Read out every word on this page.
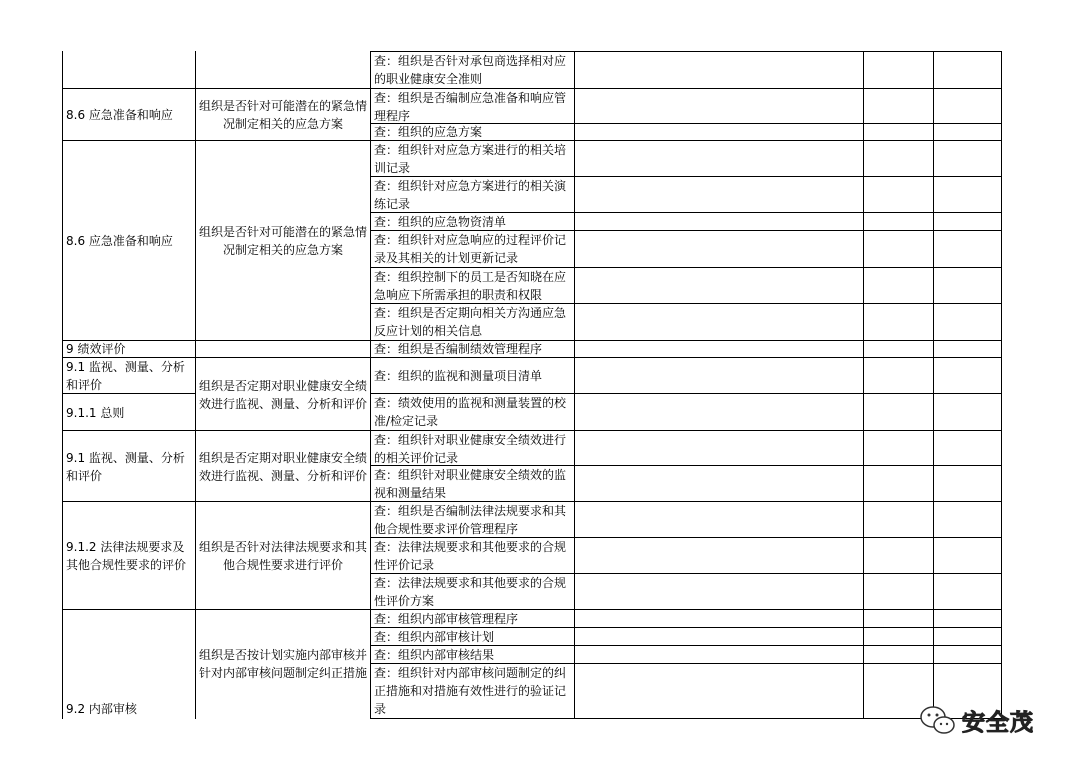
查：组织是否针对承包商选择相对应的职业健康安全准则
8.6 应急准备和响应
组织是否针对可能潜在的紧急情况制定相关的应急方案
查：组织是否编制应急准备和响应管理程序
查：组织的应急方案
8.6 应急准备和响应
组织是否针对可能潜在的紧急情况制定相关的应急方案
查：组织针对应急方案进行的相关培训记录
查：组织针对应急方案进行的相关演练记录
查：组织的应急物资清单
查：组织针对应急响应的过程评价记录及其相关的计划更新记录
查：组织控制下的员工是否知晓在应急响应下所需承担的职责和权限
查：组织是否定期向相关方沟通应急反应计划的相关信息
9 绩效评价	查：组织是否编制绩效管理程序
9.1 监视、测量、分析和评价	组织是否定期对职业健康安全绩效进行监视、测量、分析和评价
查：组织的监视和测量项目清单
9.1.1 总则
查：绩效使用的监视和测量装置的校准/检定记录
9.1 监视、测量、分析和评价
组织是否定期对职业健康安全绩效进行监视、测量、分析和评价
查：组织针对职业健康安全绩效进行的相关评价记录
查：组织针对职业健康安全绩效的监视和测量结果
9.1.2 法律法规要求及其他合规性要求的评价
组织是否针对法律法规要求和其他合规性要求进行评价
查：组织是否编制法律法规要求和其他合规性要求评价管理程序
查：法律法规要求和其他要求的合规性评价记录
查：法律法规要求和其他要求的合规性评价方案
9.2 内部审核
组织是否按计划实施内部审核并针对内部审核问题制定纠正措施
查：组织内部审核管理程序
查：组织内部审核计划
查：组织内部审核结果
查：组织针对内部审核问题制定的纠正措施和对措施有效性进行的验证记录
安全茂
